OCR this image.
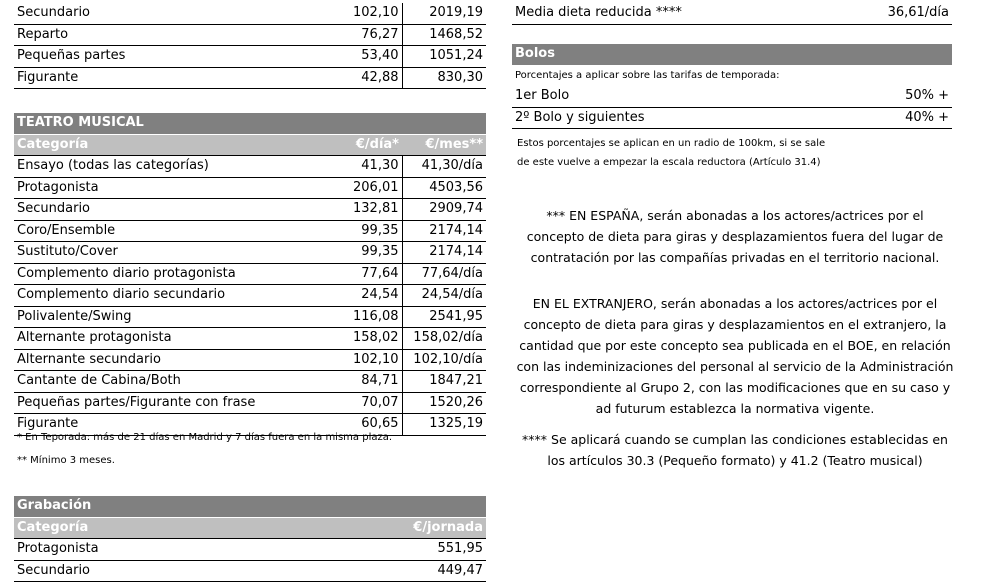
Secundario	102,10	2019,19
Reparto	76,27	1468,52
Pequeñas partes	53,40	1051,24
Figurante	42,88	830,30
TEATRO MUSICAL		
Categoría	€/día*	€/mes**
Ensayo (todas las categorías)	41,30	41,30/día
Protagonista	206,01	4503,56
Secundario	132,81	2909,74
Coro/Ensemble	99,35	2174,14
Sustituto/Cover	99,35	2174,14
Complemento diario protagonista	77,64	77,64/día
Complemento diario secundario	24,54	24,54/día
Polivalente/Swing	116,08	2541,95
Alternante protagonista	158,02	158,02/día
Alternante secundario	102,10	102,10/día
Cantante de Cabina/Both	84,71	1847,21
Pequeñas partes/Figurante con frase	70,07	1520,26
Figurante	60,65	1325,19
* En Teporada: más de 21 días en Madrid y 7 días fuera en la misma plaza.
** Mínimo 3 meses.
Grabación	
Categoría	€/jornada
Protagonista	551,95
Secundario	449,47
Media dieta reducida ****	36,61/día
Bolos	
Porcentajes a aplicar sobre las tarifas de temporada:	
1er Bolo	50% +
2º Bolo y siguientes	40% +
Estos porcentajes se aplican en un radio de 100km, si se sale
de este vuelve a empezar la escala reductora (Artículo 31.4)

*** EN ESPAÑA, serán abonadas a los actores/actrices por el

concepto de dieta para giras y desplazamientos fuera del lugar de

contratación por las compañías privadas en el territorio nacional.

EN EL EXTRANJERO, serán abonadas a los actores/actrices por el

concepto de dieta para giras y desplazamientos en el extranjero, la

cantidad que por este concepto sea publicada en el BOE, en relación

con las indeminizaciones del personal al servicio de la Administración

correspondiente al Grupo 2, con las modificaciones que en su caso y

ad futurum establezca la normativa vigente.

**** Se aplicará cuando se cumplan las condiciones establecidas en

los artículos 30.3 (Pequeño formato) y 41.2 (Teatro musical)
